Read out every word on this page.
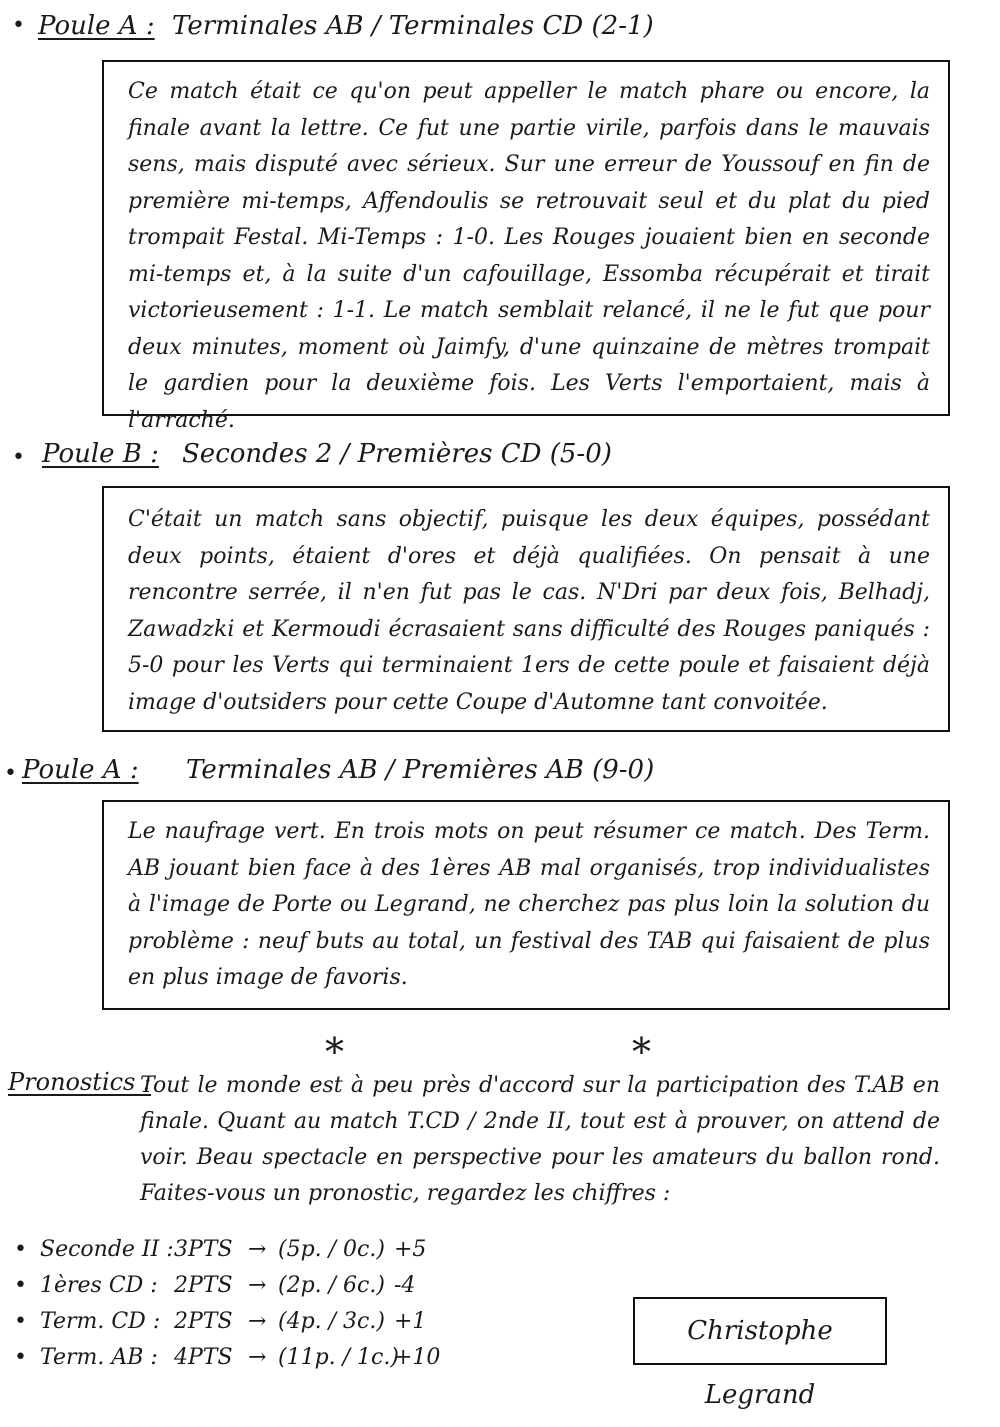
• Poule A : Terminales AB / Terminales CD (2-1)

Ce match était ce qu'on peut appeller le match phare ou encore, la finale avant la lettre. Ce fut une partie virile, parfois dans le mauvais sens, mais disputé avec sérieux. Sur une erreur de Youssouf en fin de première mi-temps, Affendoulis se retrouvait seul et du plat du pied trompait Festal. Mi-Temps : 1-0. Les Rouges jouaient bien en seconde mi-temps et, à la suite d'un cafouillage, Essomba récupérait et tirait victorieusement : 1-1. Le match semblait relancé, il ne le fut que pour deux minutes, moment où Jaimfy, d'une quinzaine de mètres trompait le gardien pour la deuxième fois. Les Verts l'emportaient, mais à l'arraché.

• Poule B : Secondes 2 / Premières CD (5-0)

C'était un match sans objectif, puisque les deux équipes, possédant deux points, étaient d'ores et déjà qualifiées. On pensait à une rencontre serrée, il n'en fut pas le cas. N'Dri par deux fois, Belhadj, Zawadzki et Kermoudi écrasaient sans difficulté des Rouges paniqués : 5-0 pour les Verts qui terminaient 1ers de cette poule et faisaient déjà image d'outsiders pour cette Coupe d'Automne tant convoitée.

• Poule A : Terminales AB / Premières AB (9-0)

Le naufrage vert. En trois mots on peut résumer ce match. Des Term. AB jouant bien face à des 1ères AB mal organisés, trop individualistes à l'image de Porte ou Legrand, ne cherchez pas plus loin la solution du problème : neuf buts au total, un festival des TAB qui faisaient de plus en plus image de favoris.

*	*
Pronostics :

Tout le monde est à peu près d'accord sur la participation des T.AB en finale. Quant au match T.CD / 2nde II, tout est à prouver, on attend de voir. Beau spectacle en perspective pour les amateurs du ballon rond. Faites-vous un pronostic, regardez les chiffres :

• Seconde II : 3PTS → (5p. / 0c.) +5
• 1ères CD : 2PTS → (2p. / 6c.) -4
• Term. CD : 2PTS → (4p. / 3c.) +1
• Term. AB : 4PTS → (11p. / 1c.)
+10
Christophe Legrand
